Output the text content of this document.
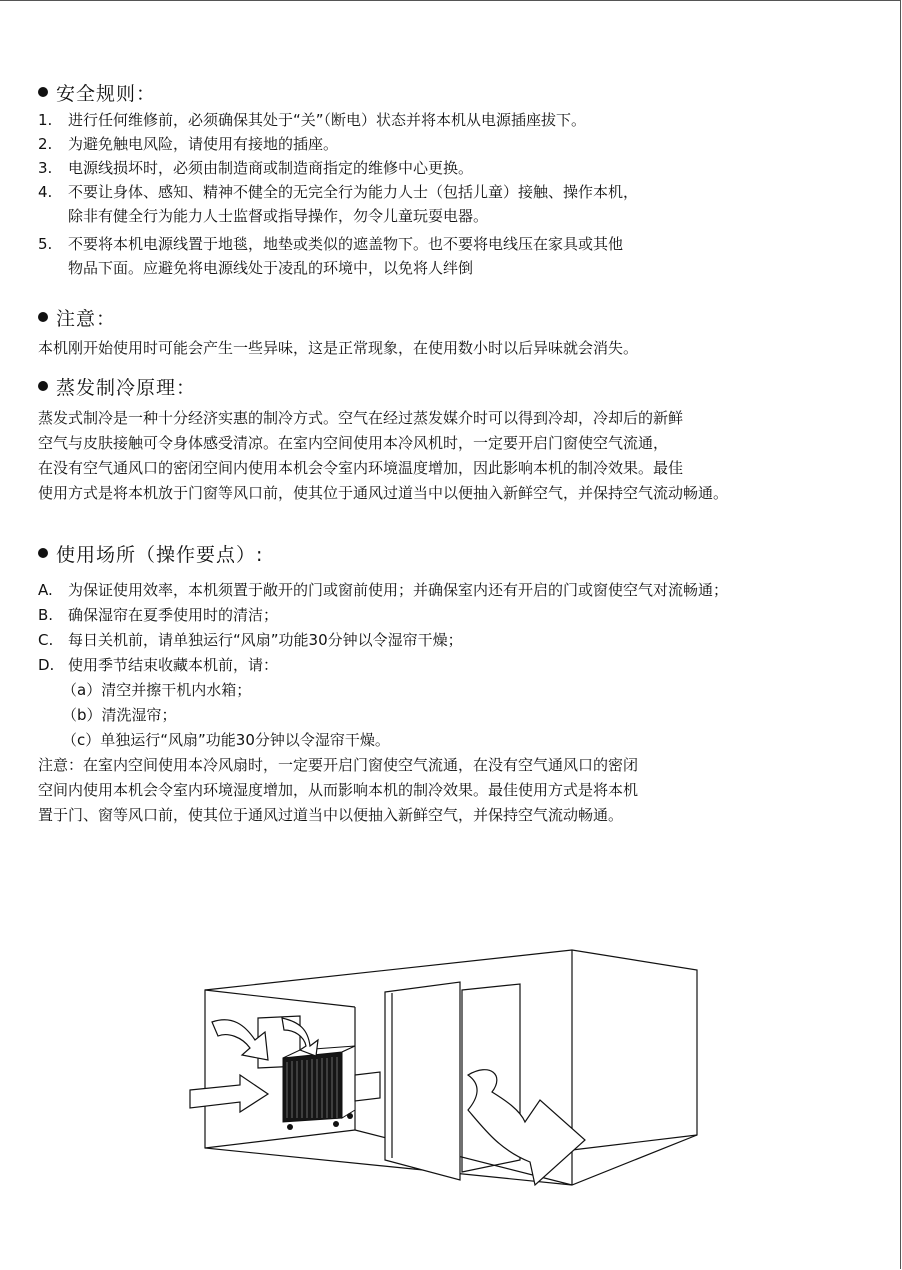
安全规则：
1. 进行任何维修前，必须确保其处于“关”（断电）状态并将本机从电源插座拔下。
2. 为避免触电风险，请使用有接地的插座。
3. 电源线损坏时，必须由制造商或制造商指定的维修中心更换。
4. 不要让身体、感知、精神不健全的无完全行为能力人士（包括儿童）接触、操作本机，
除非有健全行为能力人士监督或指导操作，勿令儿童玩耍电器。
5. 不要将本机电源线置于地毯，地垫或类似的遮盖物下。也不要将电线压在家具或其他
物品下面。应避免将电源线处于凌乱的环境中，以免将人绊倒
注意：
本机刚开始使用时可能会产生一些异味，这是正常现象，在使用数小时以后异味就会消失。
蒸发制冷原理：
蒸发式制冷是一种十分经济实惠的制冷方式。空气在经过蒸发媒介时可以得到冷却，冷却后的新鲜
空气与皮肤接触可令身体感受清凉。在室内空间使用本冷风机时，一定要开启门窗使空气流通，
在没有空气通风口的密闭空间内使用本机会令室内环境温度增加，因此影响本机的制冷效果。最佳
使用方式是将本机放于门窗等风口前，使其位于通风过道当中以便抽入新鲜空气，并保持空气流动畅通。
使用场所（操作要点）:
A. 为保证使用效率，本机须置于敞开的门或窗前使用；并确保室内还有开启的门或窗使空气对流畅通；
B. 确保湿帘在夏季使用时的清洁；
C. 每日关机前，请单独运行“风扇”功能30分钟以令湿帘干燥；
D. 使用季节结束收藏本机前，请：
（a）清空并擦干机内水箱；
（b）清洗湿帘；
（c）单独运行“风扇”功能30分钟以令湿帘干燥。
注意：在室内空间使用本冷风扇时，一定要开启门窗使空气流通，在没有空气通风口的密闭
空间内使用本机会令室内环境湿度增加，从而影响本机的制冷效果。最佳使用方式是将本机
置于门、窗等风口前，使其位于通风过道当中以便抽入新鲜空气，并保持空气流动畅通。
